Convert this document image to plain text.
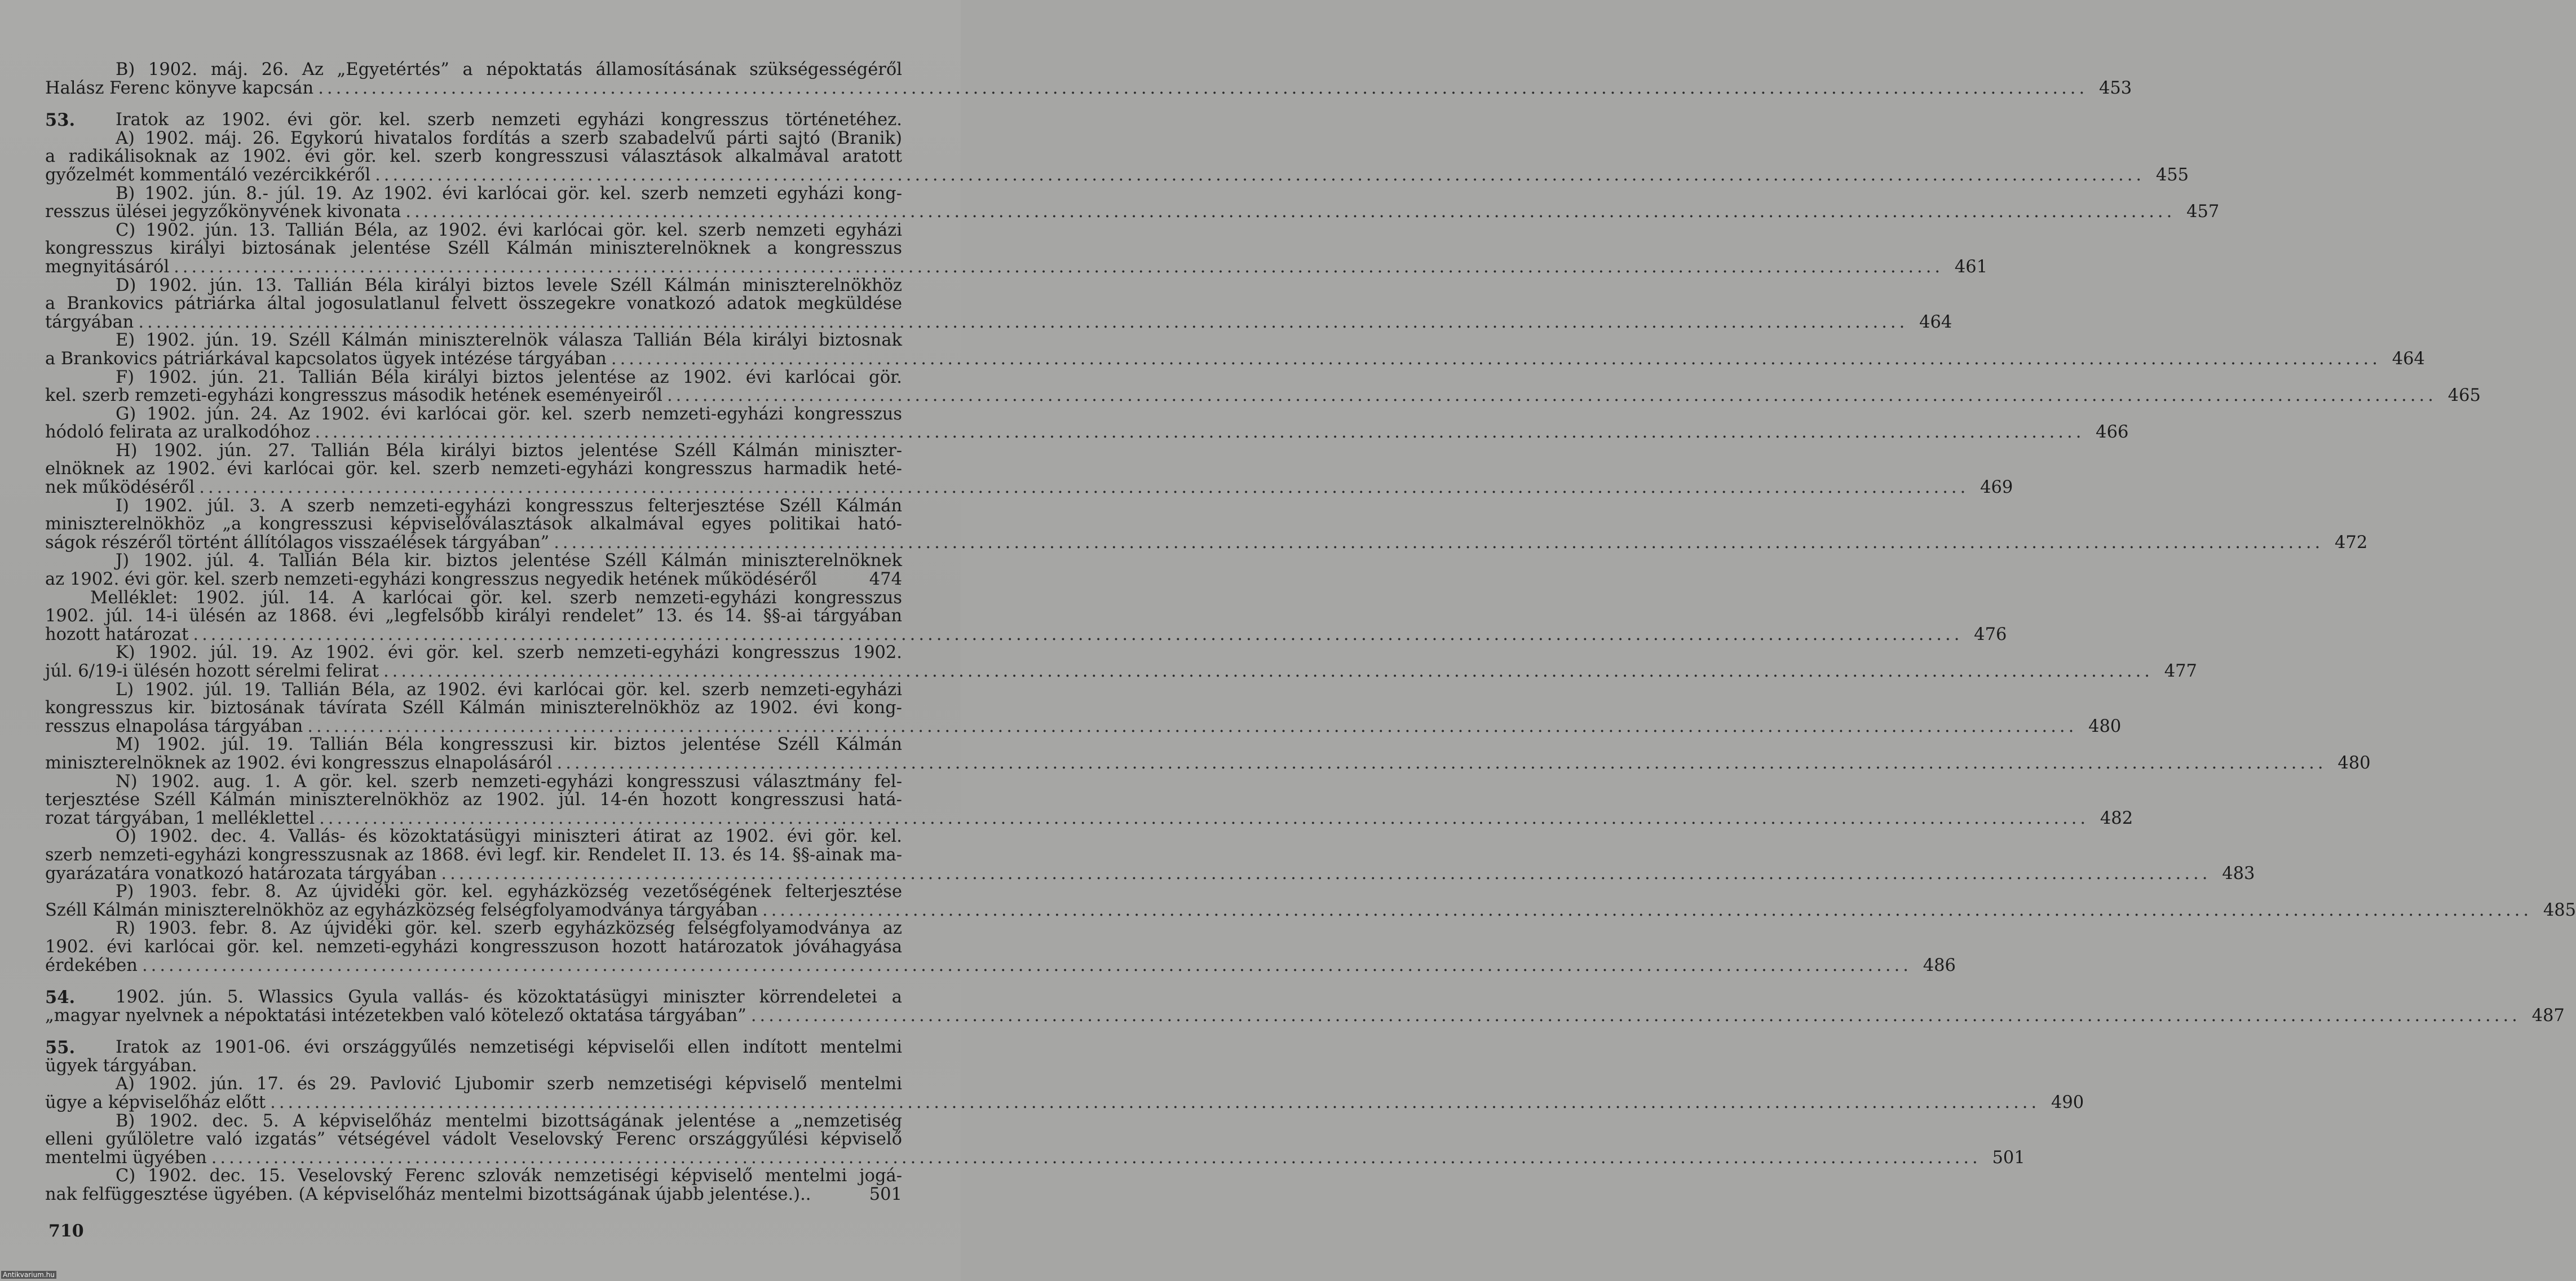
B) 1902. máj. 26. Az „Egyetértés” a népoktatás államosításának szükségességéről
Halász Ferenc könyve kapcsán ........................................................................................................................................................................................................ 453
53. Iratok az 1902. évi gör. kel. szerb nemzeti egyházi kongresszus történetéhez.
A) 1902. máj. 26. Egykorú hivatalos fordítás a szerb szabadelvű párti sajtó (Branik)
a radikálisoknak az 1902. évi gör. kel. szerb kongresszusi választások alkalmával aratott
győzelmét kommentáló vezércikkéről ........................................................................................................................................................................................................ 455
B) 1902. jún. 8.- júl. 19. Az 1902. évi karlócai gör. kel. szerb nemzeti egyházi kong-
resszus ülései jegyzőkönyvének kivonata ........................................................................................................................................................................................................ 457
C) 1902. jún. 13. Tallián Béla, az 1902. évi karlócai gör. kel. szerb nemzeti egyházi
kongresszus királyi biztosának jelentése Széll Kálmán miniszterelnöknek a kongresszus
megnyitásáról ........................................................................................................................................................................................................ 461
D) 1902. jún. 13. Tallián Béla királyi biztos levele Széll Kálmán miniszterelnökhöz
a Brankovics pátriárka által jogosulatlanul felvett összegekre vonatkozó adatok megküldése
tárgyában ........................................................................................................................................................................................................ 464
E) 1902. jún. 19. Széll Kálmán miniszterelnök válasza Tallián Béla királyi biztosnak
a Brankovics pátriárkával kapcsolatos ügyek intézése tárgyában ........................................................................................................................................................................................................ 464
F) 1902. jún. 21. Tallián Béla királyi biztos jelentése az 1902. évi karlócai gör.
kel. szerb remzeti-egyházi kongresszus második hetének eseményeiről ........................................................................................................................................................................................................ 465
G) 1902. jún. 24. Az 1902. évi karlócai gör. kel. szerb nemzeti-egyházi kongresszus
hódoló felirata az uralkodóhoz ........................................................................................................................................................................................................ 466
H) 1902. jún. 27. Tallián Béla királyi biztos jelentése Széll Kálmán miniszter-
elnöknek az 1902. évi karlócai gör. kel. szerb nemzeti-egyházi kongresszus harmadik heté-
nek működéséről ........................................................................................................................................................................................................ 469
I) 1902. júl. 3. A szerb nemzeti-egyházi kongresszus felterjesztése Széll Kálmán
miniszterelnökhöz „a kongresszusi képviselőválasztások alkalmával egyes politikai ható-
ságok részéről történt állítólagos visszaélések tárgyában” ........................................................................................................................................................................................................ 472
J) 1902. júl. 4. Tallián Béla kir. biztos jelentése Széll Kálmán miniszterelnöknek
az 1902. évi gör. kel. szerb nemzeti-egyházi kongresszus negyedik hetének működéséről	474
Melléklet: 1902. júl. 14. A karlócai gör. kel. szerb nemzeti-egyházi kongresszus
1902. júl. 14-i ülésén az 1868. évi „legfelsőbb királyi rendelet” 13. és 14. §§-ai tárgyában
hozott határozat ........................................................................................................................................................................................................ 476
K) 1902. júl. 19. Az 1902. évi gör. kel. szerb nemzeti-egyházi kongresszus 1902.
júl. 6/19-i ülésén hozott sérelmi felirat ........................................................................................................................................................................................................ 477
L) 1902. júl. 19. Tallián Béla, az 1902. évi karlócai gör. kel. szerb nemzeti-egyházi
kongresszus kir. biztosának távírata Széll Kálmán miniszterelnökhöz az 1902. évi kong-
resszus elnapolása tárgyában ........................................................................................................................................................................................................ 480
M) 1902. júl. 19. Tallián Béla kongresszusi kir. biztos jelentése Széll Kálmán
miniszterelnöknek az 1902. évi kongresszus elnapolásáról ........................................................................................................................................................................................................ 480
N) 1902. aug. 1. A gör. kel. szerb nemzeti-egyházi kongresszusi választmány fel-
terjesztése Széll Kálmán miniszterelnökhöz az 1902. júl. 14-én hozott kongresszusi hatá-
rozat tárgyában, 1 melléklettel ........................................................................................................................................................................................................ 482
O) 1902. dec. 4. Vallás- és közoktatásügyi miniszteri átirat az 1902. évi gör. kel.
szerb nemzeti-egyházi kongresszusnak az 1868. évi legf. kir. Rendelet II. 13. és 14. §§-ainak ma-
gyarázatára vonatkozó határozata tárgyában ........................................................................................................................................................................................................ 483
P) 1903. febr. 8. Az újvidéki gör. kel. egyházközség vezetőségének felterjesztése
Széll Kálmán miniszterelnökhöz az egyházközség felségfolyamodványa tárgyában ........................................................................................................................................................................................................ 485
R) 1903. febr. 8. Az újvidéki gör. kel. szerb egyházközség felségfolyamodványa az
1902. évi karlócai gör. kel. nemzeti-egyházi kongresszuson hozott határozatok jóváhagyása
érdekében ........................................................................................................................................................................................................ 486
54. 1902. jún. 5. Wlassics Gyula vallás- és közoktatásügyi miniszter körrendeletei a
„magyar nyelvnek a népoktatási intézetekben való kötelező oktatása tárgyában” ........................................................................................................................................................................................................ 487
55. Iratok az 1901-06. évi országgyűlés nemzetiségi képviselői ellen indított mentelmi
ügyek tárgyában.
A) 1902. jún. 17. és 29. Pavlović Ljubomir szerb nemzetiségi képviselő mentelmi
ügye a képviselőház előtt ........................................................................................................................................................................................................ 490
B) 1902. dec. 5. A képviselőház mentelmi bizottságának jelentése a „nemzetiség
elleni gyűlöletre való izgatás” vétségével vádolt Veselovský Ferenc országgyűlési képviselő
mentelmi ügyében ........................................................................................................................................................................................................ 501
C) 1902. dec. 15. Veselovský Ferenc szlovák nemzetiségi képviselő mentelmi jogá-
nak felfüggesztése ügyében. (A képviselőház mentelmi bizottságának újabb jelentése.)..	501
710
Antikvarium.hu
